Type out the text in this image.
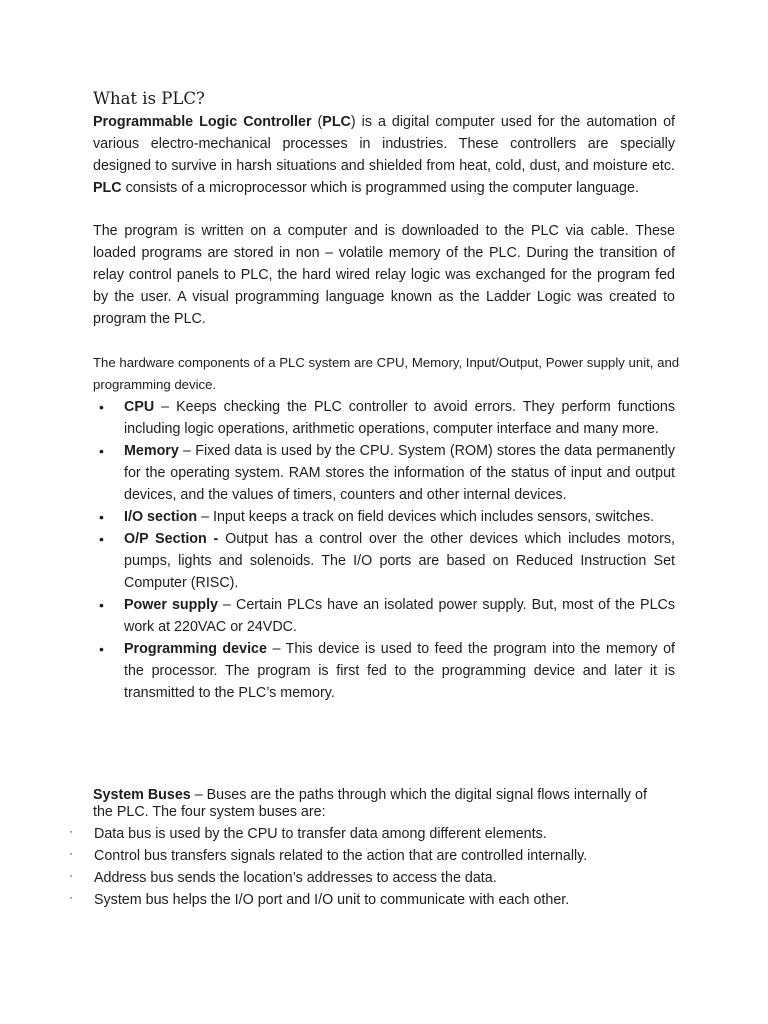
What is PLC?

Programmable Logic Controller (PLC) is a digital computer used for the automation of various electro-mechanical processes in industries. These controllers are specially designed to survive in harsh situations and shielded from heat, cold, dust, and moisture etc. PLC consists of a microprocessor which is programmed using the computer language.

The program is written on a computer and is downloaded to the PLC via cable. These loaded programs are stored in non – volatile memory of the PLC. During the transition of relay control panels to PLC, the hard wired relay logic was exchanged for the program fed by the user. A visual programming language known as the Ladder Logic was created to program the PLC.

The hardware components of a PLC system are CPU, Memory, Input/Output, Power supply unit, and programming device.

• CPU – Keeps checking the PLC controller to avoid errors. They perform functions including logic operations, arithmetic operations, computer interface and many more.
• Memory – Fixed data is used by the CPU. System (ROM) stores the data permanently for the operating system. RAM stores the information of the status of input and output devices, and the values of timers, counters and other internal devices.
• I/O section – Input keeps a track on field devices which includes sensors, switches.
• O/P Section - Output has a control over the other devices which includes motors, pumps, lights and solenoids. The I/O ports are based on Reduced Instruction Set Computer (RISC).
• Power supply – Certain PLCs have an isolated power supply. But, most of the PLCs work at 220VAC or 24VDC.
• Programming device – This device is used to feed the program into the memory of the processor. The program is first fed to the programming device and later it is transmitted to the PLC’s memory.

System Buses – Buses are the paths through which the digital signal flows internally of the PLC. The four system buses are:

· Data bus is used by the CPU to transfer data among different elements.
· Control bus transfers signals related to the action that are controlled internally.
· Address bus sends the location’s addresses to access the data.
· System bus helps the I/O port and I/O unit to communicate with each other.
